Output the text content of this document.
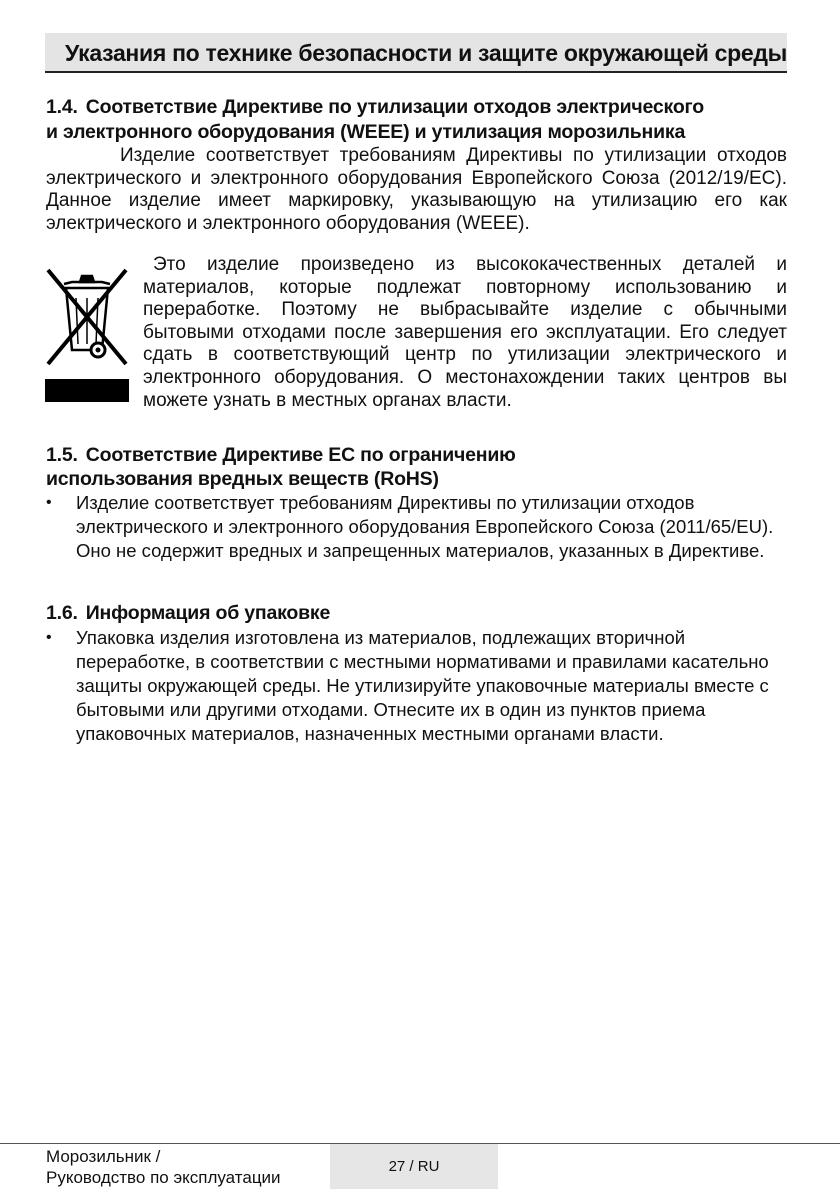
Указания по технике безопасности и защите окружающей среды
1.4. Соответствие Директиве по утилизации отходов электрического
и электронного оборудования (WEEE) и утилизация морозильника
Изделие соответствует требованиям Директивы по утилизации отходов электрического и электронного оборудования Европейского Союза (2012/19/EC). Данное изделие имеет маркировку, указывающую на утилизацию его как электрического и электронного оборудования (WEEE).
Это изделие произведено из высококачественных деталей и материалов, которые подлежат повторному использованию и переработке. Поэтому не выбрасывайте изделие с обычными бытовыми отходами после завершения его эксплуатации. Его следует сдать в соответствующий центр по утилизации электрического и электронного оборудования. О местонахождении таких центров вы можете узнать в местных органах власти.
1.5. Соответствие Директиве ЕС по ограничению
использования вредных веществ (RoHS)
• Изделие соответствует требованиям Директивы по утилизации отходов электрического и электронного оборудования Европейского Союза (2011/65/EU). Оно не содержит вредных и запрещенных материалов, указанных в Директиве.
1.6. Информация об упаковке
• Упаковка изделия изготовлена из материалов, подлежащих вторичной переработке, в соответствии с местными нормативами и правилами касательно защиты окружающей среды. Не утилизируйте упаковочные материалы вместе с бытовыми или другими отходами. Отнесите их в один из пунктов приема упаковочных материалов, назначенных местными органами власти.
Морозильник /
Руководство по эксплуатации
27 / RU
